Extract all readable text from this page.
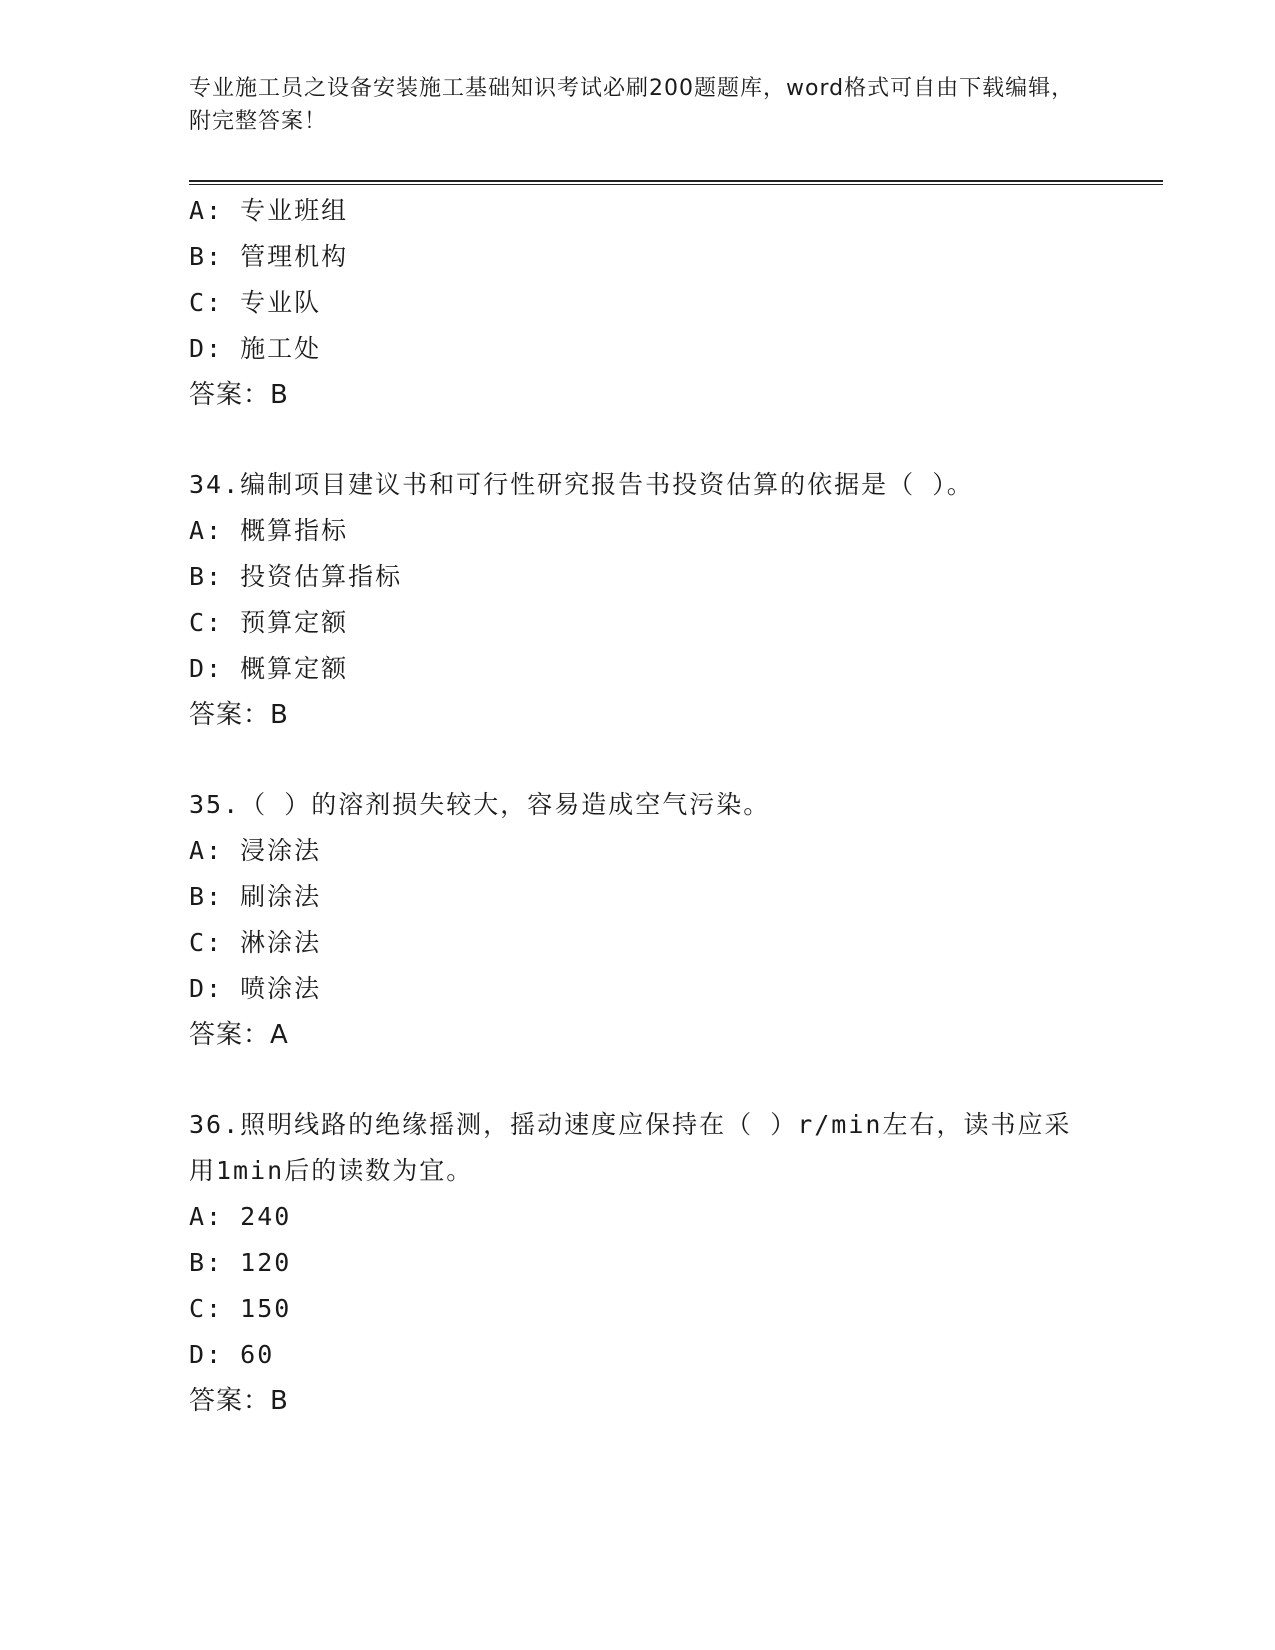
专业施工员之设备安装施工基础知识考试必刷200题题库，word格式可自由下载编辑，附完整答案！
A: 专业班组
B: 管理机构
C: 专业队
D: 施工处
答案：B
34.编制项目建议书和可行性研究报告书投资估算的依据是（ ）。
A: 概算指标
B: 投资估算指标
C: 预算定额
D: 概算定额
答案：B
35.（ ）的溶剂损失较大，容易造成空气污染。
A: 浸涂法
B: 刷涂法
C: 淋涂法
D: 喷涂法
答案：A
36.照明线路的绝缘摇测，摇动速度应保持在（ ）r/min左右，读书应采用1min后的读数为宜。
A: 240
B: 120
C: 150
D: 60
答案：B
